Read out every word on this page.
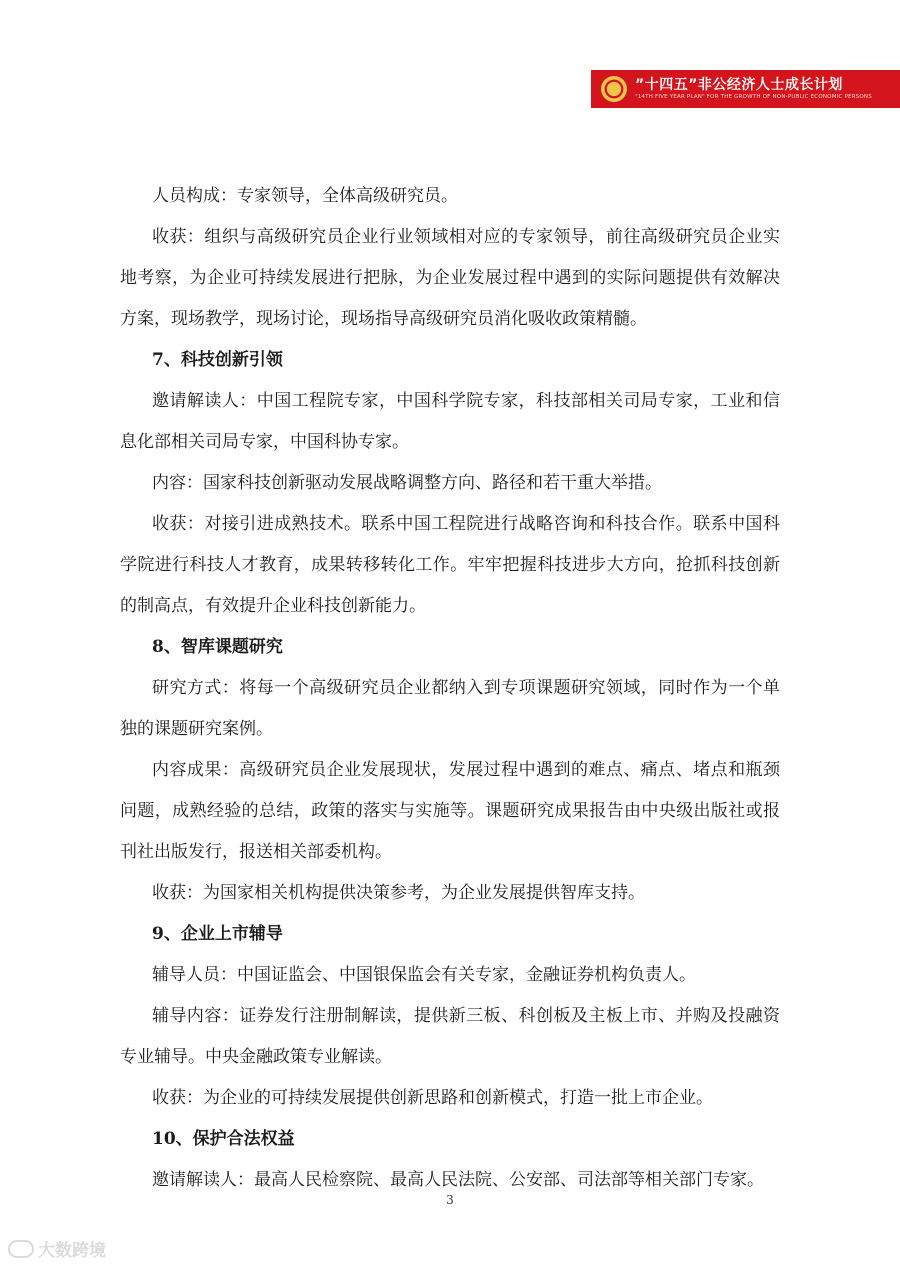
”十四五”非公经济人士成长计划
"14TH FIVE YEAR PLAN" FOR THE GROWTH OF NON-PUBLIC ECONOMIC PERSONS

人员构成：专家领导，全体高级研究员。

收获：组织与高级研究员企业行业领域相对应的专家领导，前往高级研究员企业实地考察，为企业可持续发展进行把脉，为企业发展过程中遇到的实际问题提供有效解决方案，现场教学，现场讨论，现场指导高级研究员消化吸收政策精髓。

7、科技创新引领

邀请解读人：中国工程院专家，中国科学院专家，科技部相关司局专家，工业和信息化部相关司局专家，中国科协专家。

内容：国家科技创新驱动发展战略调整方向、路径和若干重大举措。

收获：对接引进成熟技术。联系中国工程院进行战略咨询和科技合作。联系中国科学院进行科技人才教育，成果转移转化工作。牢牢把握科技进步大方向，抢抓科技创新的制高点，有效提升企业科技创新能力。

8、智库课题研究

研究方式：将每一个高级研究员企业都纳入到专项课题研究领域，同时作为一个单独的课题研究案例。

内容成果：高级研究员企业发展现状，发展过程中遇到的难点、痛点、堵点和瓶颈问题，成熟经验的总结，政策的落实与实施等。课题研究成果报告由中央级出版社或报刊社出版发行，报送相关部委机构。

收获：为国家相关机构提供决策参考，为企业发展提供智库支持。

9、企业上市辅导

辅导人员：中国证监会、中国银保监会有关专家，金融证券机构负责人。

辅导内容：证券发行注册制解读，提供新三板、科创板及主板上市、并购及投融资专业辅导。中央金融政策专业解读。

收获：为企业的可持续发展提供创新思路和创新模式，打造一批上市企业。

10、保护合法权益

邀请解读人：最高人民检察院、最高人民法院、公安部、司法部等相关部门专家。

3
大数跨境
